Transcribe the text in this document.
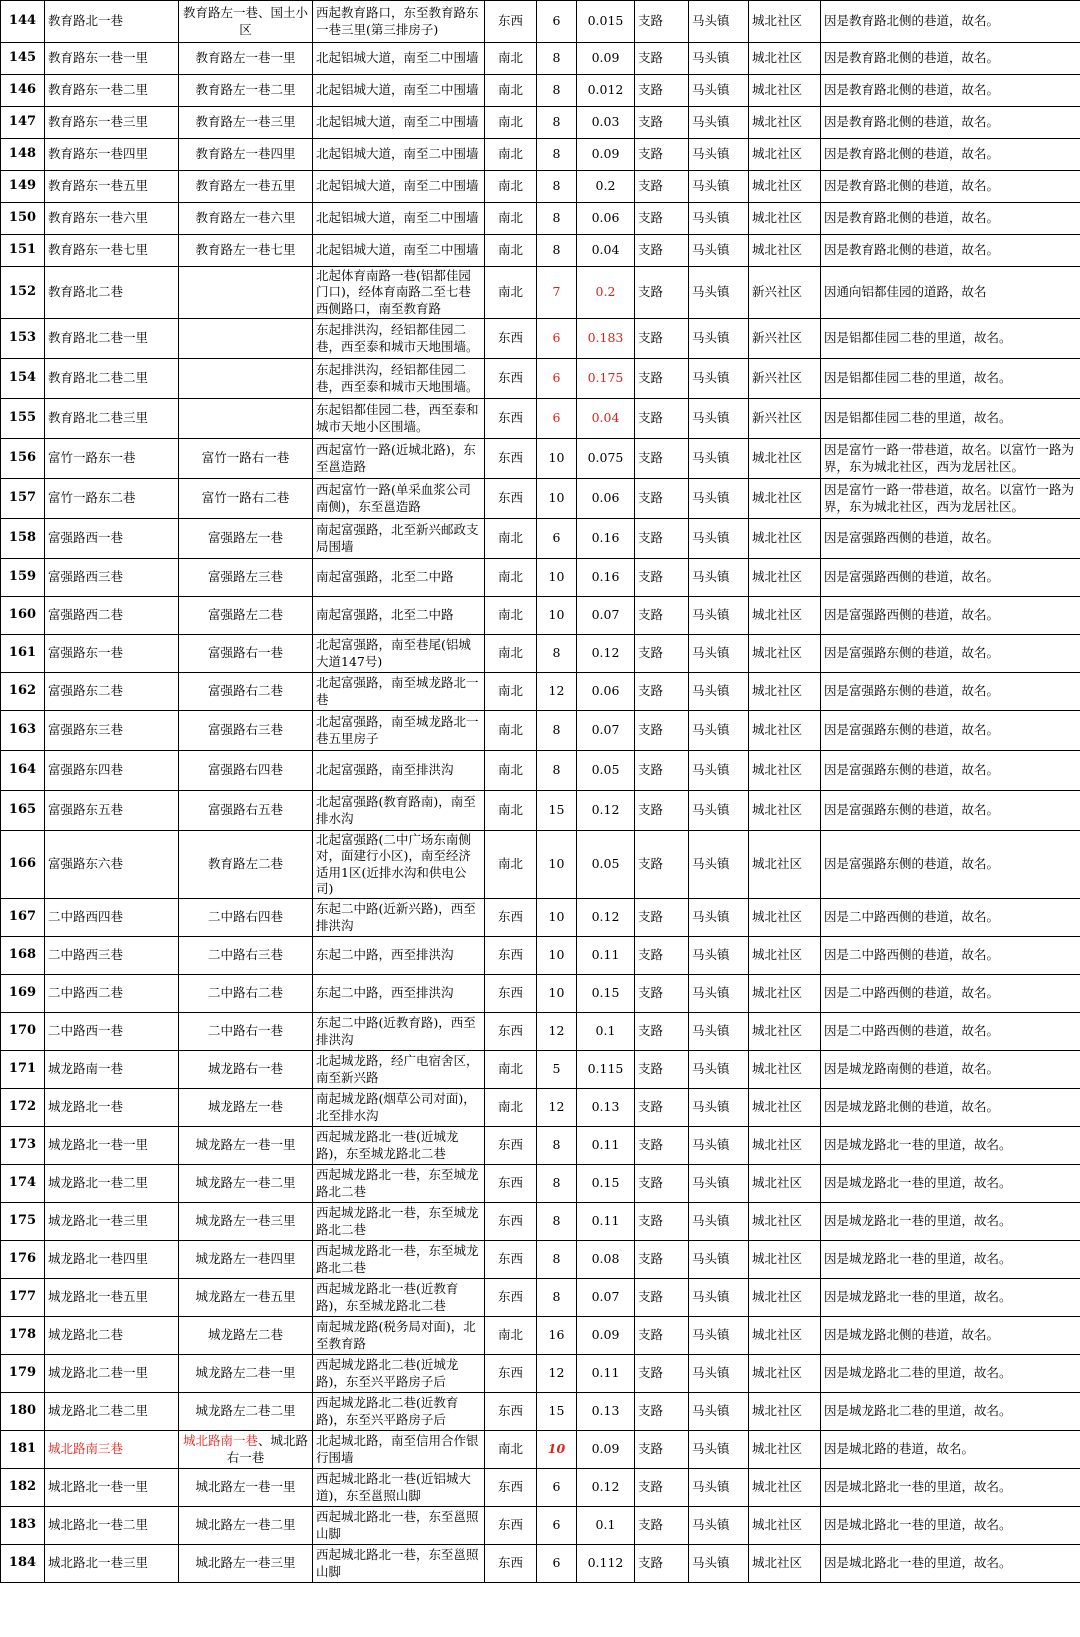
144	教育路北一巷	教育路左一巷、国土小区	西起教育路口，东至教育路东一巷三里(第三排房子)	东西	6	0.015	支路	马头镇	城北社区	因是教育路北侧的巷道，故名。
145	教育路东一巷一里	教育路左一巷一里	北起铝城大道，南至二中围墙	南北	8	0.09	支路	马头镇	城北社区	因是教育路北侧的巷道，故名。
146	教育路东一巷二里	教育路左一巷二里	北起铝城大道，南至二中围墙	南北	8	0.012	支路	马头镇	城北社区	因是教育路北侧的巷道，故名。
147	教育路东一巷三里	教育路左一巷三里	北起铝城大道，南至二中围墙	南北	8	0.03	支路	马头镇	城北社区	因是教育路北侧的巷道，故名。
148	教育路东一巷四里	教育路左一巷四里	北起铝城大道，南至二中围墙	南北	8	0.09	支路	马头镇	城北社区	因是教育路北侧的巷道，故名。
149	教育路东一巷五里	教育路左一巷五里	北起铝城大道，南至二中围墙	南北	8	0.2	支路	马头镇	城北社区	因是教育路北侧的巷道，故名。
150	教育路东一巷六里	教育路左一巷六里	北起铝城大道，南至二中围墙	南北	8	0.06	支路	马头镇	城北社区	因是教育路北侧的巷道，故名。
151	教育路东一巷七里	教育路左一巷七里	北起铝城大道，南至二中围墙	南北	8	0.04	支路	马头镇	城北社区	因是教育路北侧的巷道，故名。
152	教育路北二巷		北起体育南路一巷(铝都佳园门口)，经体育南路二至七巷西侧路口，南至教育路	南北	7	0.2	支路	马头镇	新兴社区	因通向铝都佳园的道路，故名
153	教育路北二巷一里		东起排洪沟，经铝都佳园二巷，西至泰和城市天地围墙。	东西	6	0.183	支路	马头镇	新兴社区	因是铝都佳园二巷的里道，故名。
154	教育路北二巷二里		东起排洪沟，经铝都佳园二巷，西至泰和城市天地围墙。	东西	6	0.175	支路	马头镇	新兴社区	因是铝都佳园二巷的里道，故名。
155	教育路北二巷三里		东起铝都佳园二巷，西至泰和城市天地小区围墙。	东西	6	0.04	支路	马头镇	新兴社区	因是铝都佳园二巷的里道，故名。
156	富竹一路东一巷	富竹一路右一巷	西起富竹一路(近城北路)，东至邕造路	东西	10	0.075	支路	马头镇	城北社区	因是富竹一路一带巷道，故名。以富竹一路为界，东为城北社区，西为龙居社区。
157	富竹一路东二巷	富竹一路右二巷	西起富竹一路(单采血浆公司南侧)，东至邕造路	东西	10	0.06	支路	马头镇	城北社区	因是富竹一路一带巷道，故名。以富竹一路为界，东为城北社区，西为龙居社区。
158	富强路西一巷	富强路左一巷	南起富强路，北至新兴邮政支局围墙	南北	6	0.16	支路	马头镇	城北社区	因是富强路西侧的巷道，故名。
159	富强路西三巷	富强路左三巷	南起富强路，北至二中路	南北	10	0.16	支路	马头镇	城北社区	因是富强路西侧的巷道，故名。
160	富强路西二巷	富强路左二巷	南起富强路，北至二中路	南北	10	0.07	支路	马头镇	城北社区	因是富强路西侧的巷道，故名。
161	富强路东一巷	富强路右一巷	北起富强路，南至巷尾(铝城大道147号)	南北	8	0.12	支路	马头镇	城北社区	因是富强路东侧的巷道，故名。
162	富强路东二巷	富强路右二巷	北起富强路，南至城龙路北一巷	南北	12	0.06	支路	马头镇	城北社区	因是富强路东侧的巷道，故名。
163	富强路东三巷	富强路右三巷	北起富强路，南至城龙路北一巷五里房子	南北	8	0.07	支路	马头镇	城北社区	因是富强路东侧的巷道，故名。
164	富强路东四巷	富强路右四巷	北起富强路，南至排洪沟	南北	8	0.05	支路	马头镇	城北社区	因是富强路东侧的巷道，故名。
165	富强路东五巷	富强路右五巷	北起富强路(教育路南)，南至排水沟	南北	15	0.12	支路	马头镇	城北社区	因是富强路东侧的巷道，故名。
166	富强路东六巷	教育路左二巷	北起富强路(二中广场东南侧对，面建行小区)，南至经济适用1区(近排水沟和供电公司)	南北	10	0.05	支路	马头镇	城北社区	因是富强路东侧的巷道，故名。
167	二中路西四巷	二中路右四巷	东起二中路(近新兴路)，西至排洪沟	东西	10	0.12	支路	马头镇	城北社区	因是二中路西侧的巷道，故名。
168	二中路西三巷	二中路右三巷	东起二中路，西至排洪沟	东西	10	0.11	支路	马头镇	城北社区	因是二中路西侧的巷道，故名。
169	二中路西二巷	二中路右二巷	东起二中路，西至排洪沟	东西	10	0.15	支路	马头镇	城北社区	因是二中路西侧的巷道，故名。
170	二中路西一巷	二中路右一巷	东起二中路(近教育路)，西至排洪沟	东西	12	0.1	支路	马头镇	城北社区	因是二中路西侧的巷道，故名。
171	城龙路南一巷	城龙路右一巷	北起城龙路，经广电宿舍区，南至新兴路	南北	5	0.115	支路	马头镇	城北社区	因是城龙路南侧的巷道，故名。
172	城龙路北一巷	城龙路左一巷	南起城龙路(烟草公司对面)，北至排水沟	南北	12	0.13	支路	马头镇	城北社区	因是城龙路北侧的巷道，故名。
173	城龙路北一巷一里	城龙路左一巷一里	西起城龙路北一巷(近城龙路)，东至城龙路北二巷	东西	8	0.11	支路	马头镇	城北社区	因是城龙路北一巷的里道，故名。
174	城龙路北一巷二里	城龙路左一巷二里	西起城龙路北一巷，东至城龙路北二巷	东西	8	0.15	支路	马头镇	城北社区	因是城龙路北一巷的里道，故名。
175	城龙路北一巷三里	城龙路左一巷三里	西起城龙路北一巷，东至城龙路北二巷	东西	8	0.11	支路	马头镇	城北社区	因是城龙路北一巷的里道，故名。
176	城龙路北一巷四里	城龙路左一巷四里	西起城龙路北一巷，东至城龙路北二巷	东西	8	0.08	支路	马头镇	城北社区	因是城龙路北一巷的里道，故名。
177	城龙路北一巷五里	城龙路左一巷五里	西起城龙路北一巷(近教育路)，东至城龙路北二巷	东西	8	0.07	支路	马头镇	城北社区	因是城龙路北一巷的里道，故名。
178	城龙路北二巷	城龙路左二巷	南起城龙路(税务局对面)，北至教育路	南北	16	0.09	支路	马头镇	城北社区	因是城龙路北侧的巷道，故名。
179	城龙路北二巷一里	城龙路左二巷一里	西起城龙路北二巷(近城龙路)，东至兴平路房子后	东西	12	0.11	支路	马头镇	城北社区	因是城龙路北二巷的里道，故名。
180	城龙路北二巷二里	城龙路左二巷二里	西起城龙路北二巷(近教育路)，东至兴平路房子后	东西	15	0.13	支路	马头镇	城北社区	因是城龙路北二巷的里道，故名。
181	城北路南三巷	城北路南一巷、城北路右一巷	北起城北路，南至信用合作银行围墙	南北	10	0.09	支路	马头镇	城北社区	因是城北路的巷道，故名。
182	城北路北一巷一里	城北路左一巷一里	西起城北路北一巷(近铝城大道)，东至邕照山脚	东西	6	0.12	支路	马头镇	城北社区	因是城北路北一巷的里道，故名。
183	城北路北一巷二里	城北路左一巷二里	西起城北路北一巷，东至邕照山脚	东西	6	0.1	支路	马头镇	城北社区	因是城北路北一巷的里道，故名。
184	城北路北一巷三里	城北路左一巷三里	西起城北路北一巷，东至邕照山脚	东西	6	0.112	支路	马头镇	城北社区	因是城北路北一巷的里道，故名。
